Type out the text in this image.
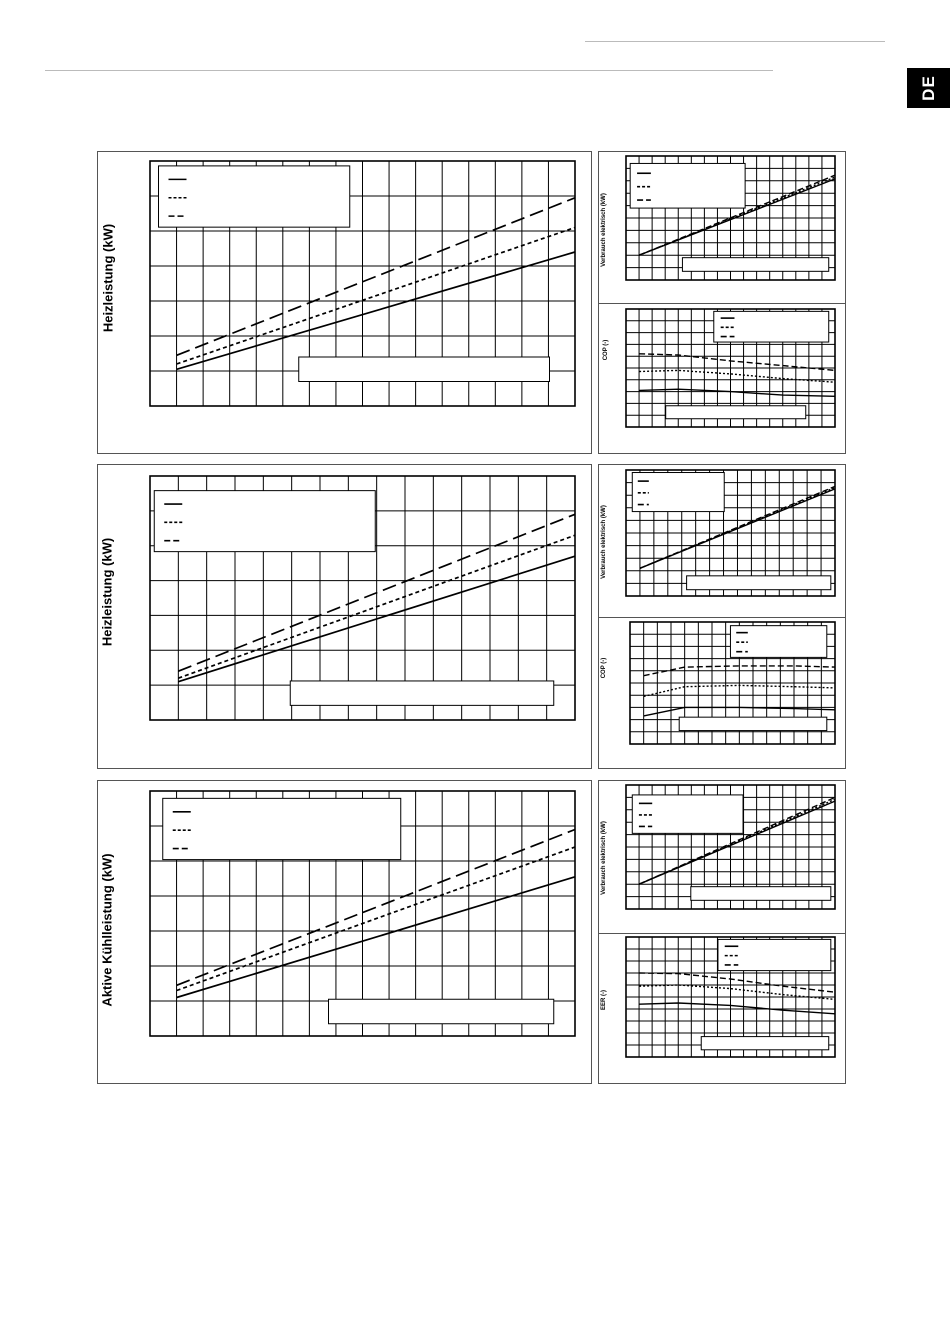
DE
Heizleistung (kW)	Verbrauch elektrisch (kW)
COP (-)
Heizleistung (kW)	Verbrauch elektrisch (kW)
COP (-)
Aktive Kühlleistung (kW)	Verbrauch elektrisch (kW)
EER (-)
